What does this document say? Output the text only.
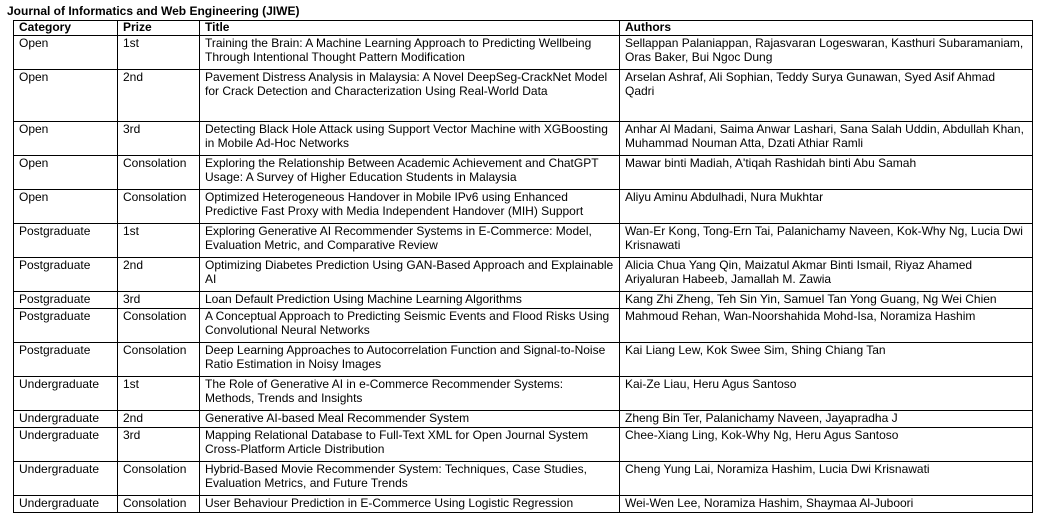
Journal of Informatics and Web Engineering (JIWE)
Category	Prize	Title	Authors
Open	1st	Training the Brain: A Machine Learning Approach to Predicting Wellbeing Through Intentional Thought Pattern Modification	Sellappan Palaniappan, Rajasvaran Logeswaran, Kasthuri Subaramaniam, Oras Baker, Bui Ngoc Dung
Open	2nd	Pavement Distress Analysis in Malaysia: A Novel DeepSeg-CrackNet Model for Crack Detection and Characterization Using Real-World Data	Arselan Ashraf, Ali Sophian, Teddy Surya Gunawan, Syed Asif Ahmad Qadri
Open	3rd	Detecting Black Hole Attack using Support Vector Machine with XGBoosting in Mobile Ad-Hoc Networks	Anhar Al Madani, Saima Anwar Lashari, Sana Salah Uddin, Abdullah Khan, Muhammad Nouman Atta, Dzati Athiar Ramli
Open	Consolation	Exploring the Relationship Between Academic Achievement and ChatGPT Usage: A Survey of Higher Education Students in Malaysia	Mawar binti Madiah, A'tiqah Rashidah binti Abu Samah
Open	Consolation	Optimized Heterogeneous Handover in Mobile IPv6 using Enhanced Predictive Fast Proxy with Media Independent Handover (MIH) Support	Aliyu Aminu Abdulhadi, Nura Mukhtar
Postgraduate	1st	Exploring Generative AI Recommender Systems in E-Commerce: Model, Evaluation Metric, and Comparative Review	Wan-Er Kong, Tong-Ern Tai, Palanichamy Naveen, Kok-Why Ng, Lucia Dwi Krisnawati
Postgraduate	2nd	Optimizing Diabetes Prediction Using GAN-Based Approach and Explainable AI	Alicia Chua Yang Qin, Maizatul Akmar Binti Ismail, Riyaz Ahamed Ariyaluran Habeeb, Jamallah M. Zawia
Postgraduate	3rd	Loan Default Prediction Using Machine Learning Algorithms	Kang Zhi Zheng, Teh Sin Yin, Samuel Tan Yong Guang, Ng Wei Chien
Postgraduate	Consolation	A Conceptual Approach to Predicting Seismic Events and Flood Risks Using Convolutional Neural Networks	Mahmoud Rehan, Wan-Noorshahida Mohd-Isa, Noramiza Hashim
Postgraduate	Consolation	Deep Learning Approaches to Autocorrelation Function and Signal-to-Noise Ratio Estimation in Noisy Images	Kai Liang Lew, Kok Swee Sim, Shing Chiang Tan
Undergraduate	1st	The Role of Generative AI in e-Commerce Recommender Systems: Methods, Trends and Insights	Kai-Ze Liau, Heru Agus Santoso
Undergraduate	2nd	Generative AI-based Meal Recommender System	Zheng Bin Ter, Palanichamy Naveen, Jayapradha J
Undergraduate	3rd	Mapping Relational Database to Full-Text XML for Open Journal System Cross-Platform Article Distribution	Chee-Xiang Ling, Kok-Why Ng, Heru Agus Santoso
Undergraduate	Consolation	Hybrid-Based Movie Recommender System: Techniques, Case Studies, Evaluation Metrics, and Future Trends	Cheng Yung Lai, Noramiza Hashim, Lucia Dwi Krisnawati
Undergraduate	Consolation	User Behaviour Prediction in E-Commerce Using Logistic Regression	Wei-Wen Lee, Noramiza Hashim, Shaymaa Al-Juboori
